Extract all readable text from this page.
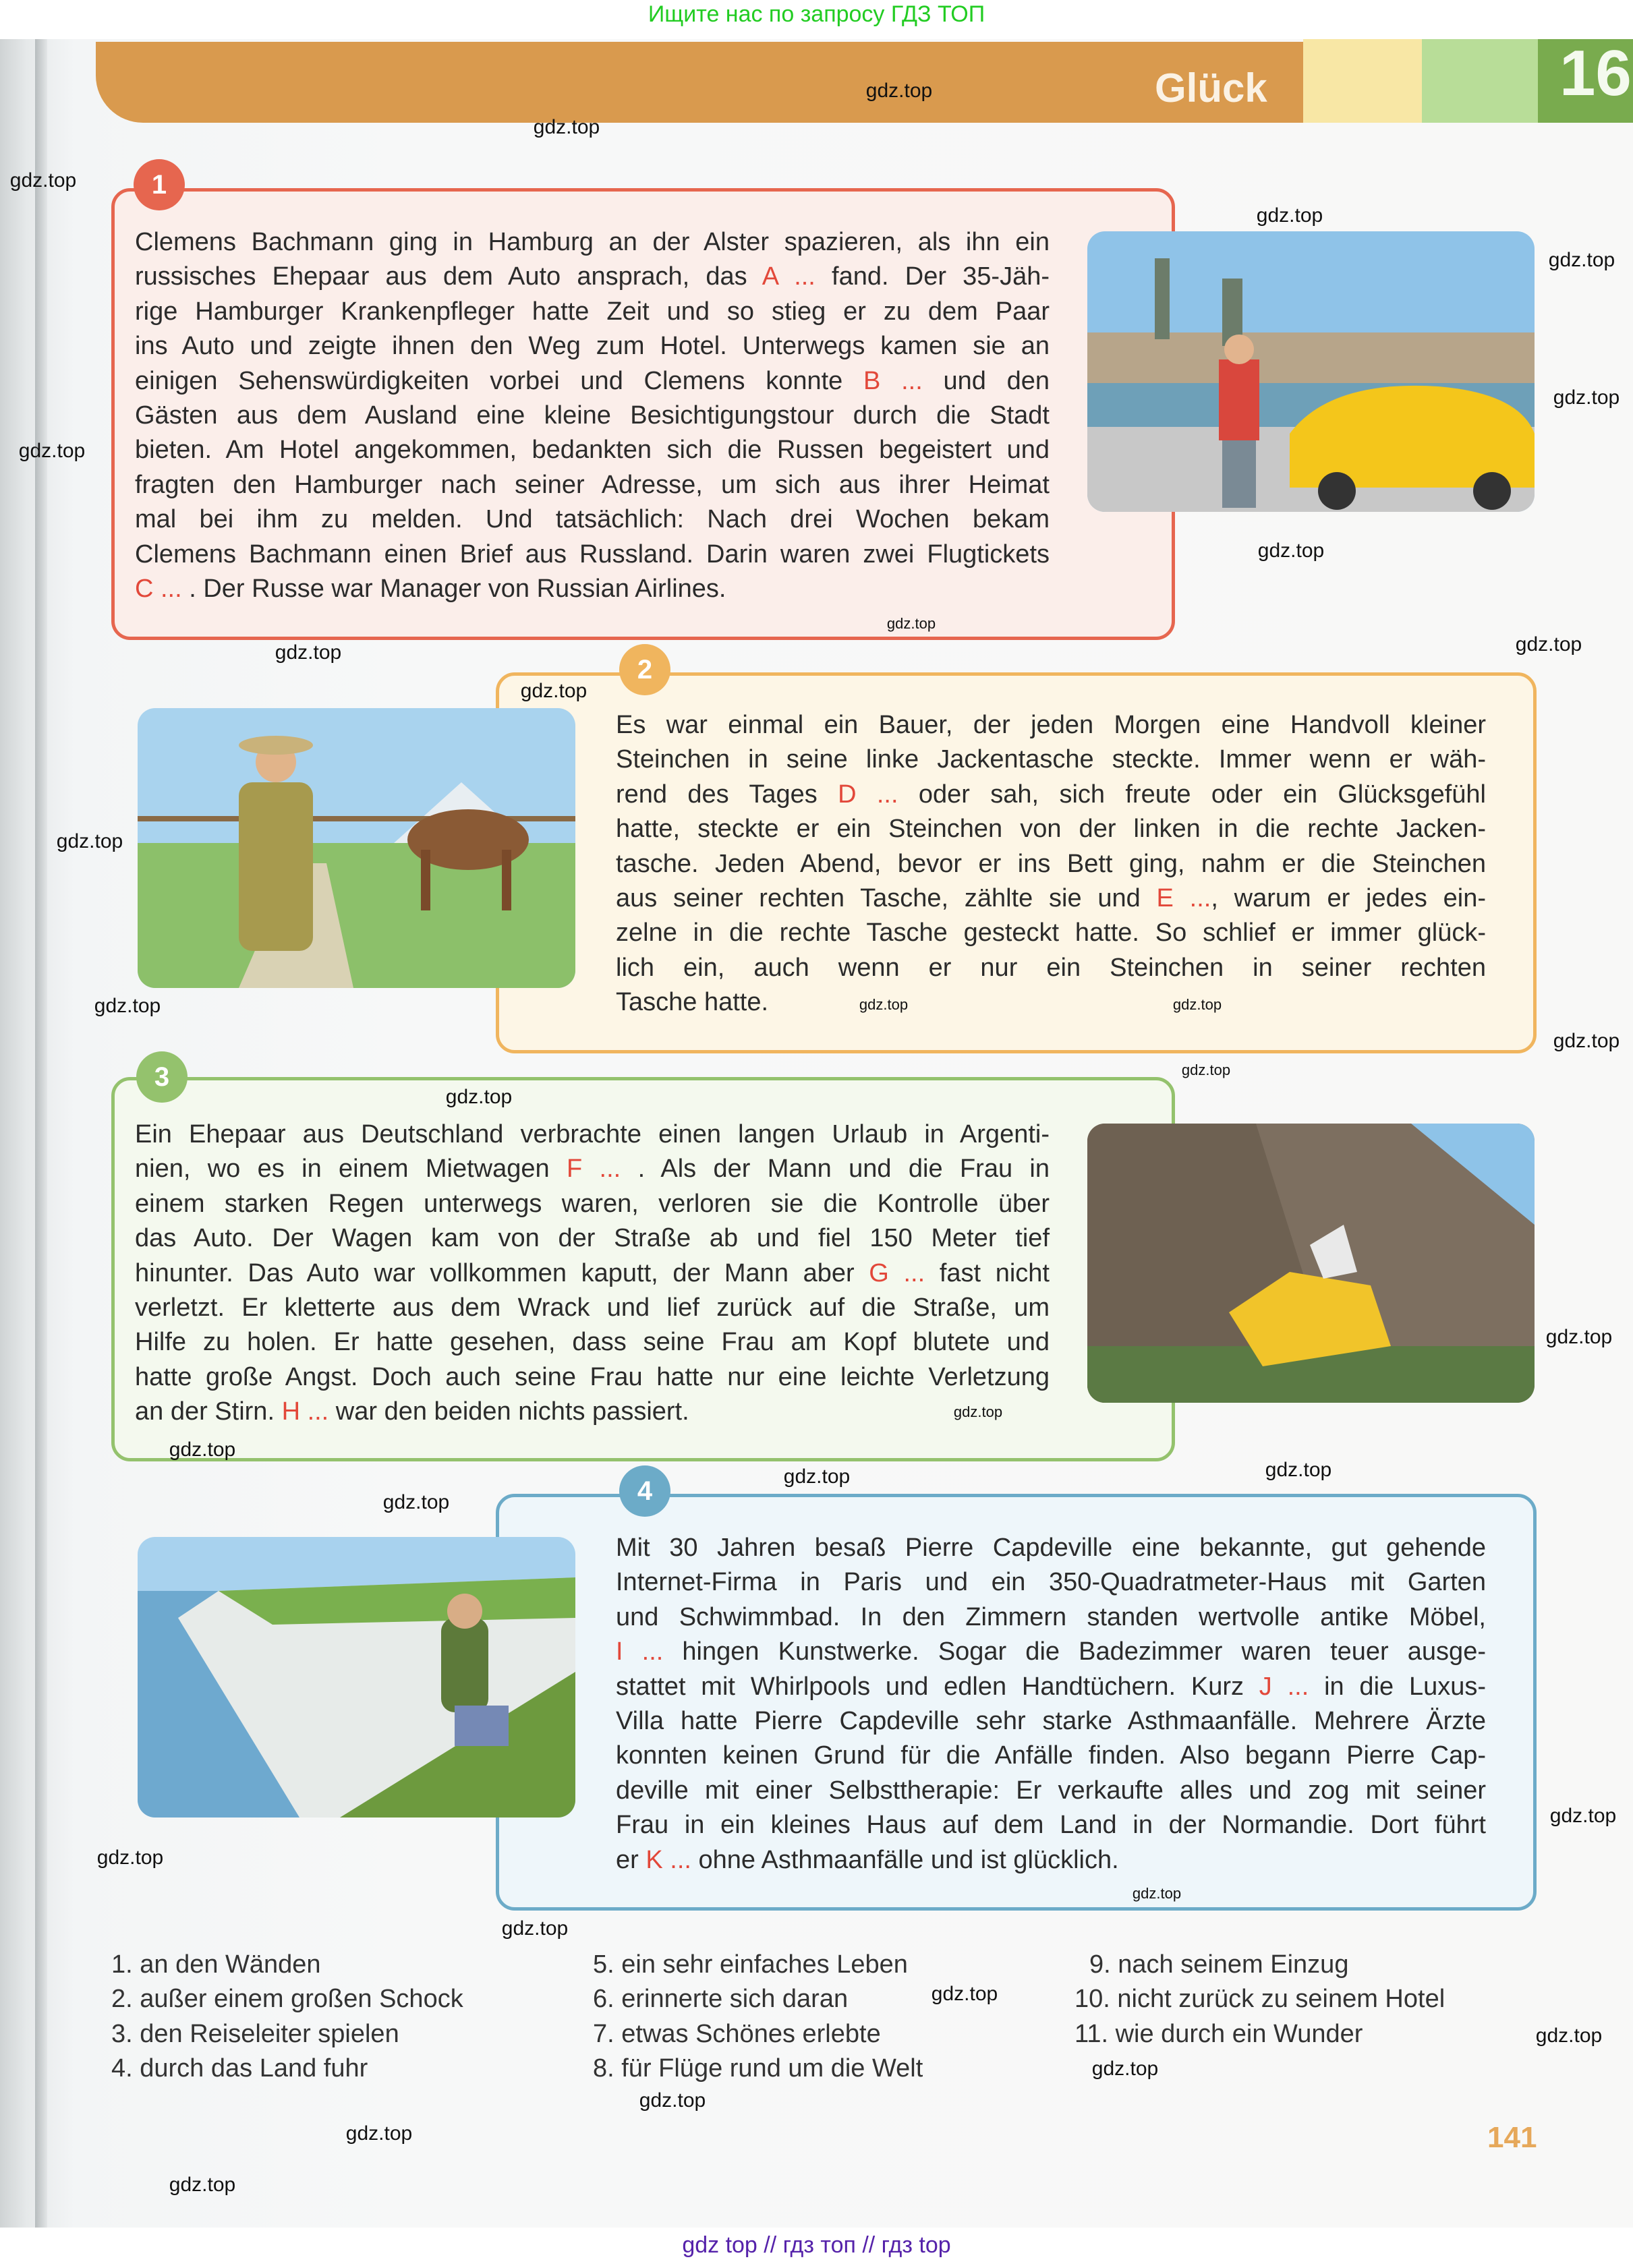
Ищите нас по запросу ГДЗ ТОП
Glück	16
1
Clemens Bachmann ging in Hamburg an der Alster spazieren, als ihn ein
russisches Ehepaar aus dem Auto ansprach, das A ... fand. Der 35-Jäh-
rige Hamburger Krankenpfleger hatte Zeit und so stieg er zu dem Paar
ins Auto und zeigte ihnen den Weg zum Hotel. Unterwegs kamen sie an
einigen Sehenswürdigkeiten vorbei und Clemens konnte B ... und den
Gästen aus dem Ausland eine kleine Besichtigungstour durch die Stadt
bieten. Am Hotel angekommen, bedankten sich die Russen begeistert und
fragten den Hamburger nach seiner Adresse, um sich aus ihrer Heimat
mal bei ihm zu melden. Und tatsächlich: Nach drei Wochen bekam
Clemens Bachmann einen Brief aus Russland. Darin waren zwei Flugtickets
C ... . Der Russe war Manager von Russian Airlines.
2
Es war einmal ein Bauer, der jeden Morgen eine Handvoll kleiner
Steinchen in seine linke Jackentasche steckte. Immer wenn er wäh-
rend des Tages D ... oder sah, sich freute oder ein Glücksgefühl
hatte, steckte er ein Steinchen von der linken in die rechte Jacken-
tasche. Jeden Abend, bevor er ins Bett ging, nahm er die Steinchen
aus seiner rechten Tasche, zählte sie und E ..., warum er jedes ein-
zelne in die rechte Tasche gesteckt hatte. So schlief er immer glück-
lich ein, auch wenn er nur ein Steinchen in seiner rechten
Tasche hatte.
3
Ein Ehepaar aus Deutschland verbrachte einen langen Urlaub in Argenti-
nien, wo es in einem Mietwagen F ... . Als der Mann und die Frau in
einem starken Regen unterwegs waren, verloren sie die Kontrolle über
das Auto. Der Wagen kam von der Straße ab und fiel 150 Meter tief
hinunter. Das Auto war vollkommen kaputt, der Mann aber G ... fast nicht
verletzt. Er kletterte aus dem Wrack und lief zurück auf die Straße, um
Hilfe zu holen. Er hatte gesehen, dass seine Frau am Kopf blutete und
hatte große Angst. Doch auch seine Frau hatte nur eine leichte Verletzung
an der Stirn. H ... war den beiden nichts passiert.
4
Mit 30 Jahren besaß Pierre Capdeville eine bekannte, gut gehende
Internet-Firma in Paris und ein 350-Quadratmeter-Haus mit Garten
und Schwimmbad. In den Zimmern standen wertvolle antike Möbel,
I ... hingen Kunstwerke. Sogar die Badezimmer waren teuer ausge-
stattet mit Whirlpools und edlen Handtüchern. Kurz J ... in die Luxus-
Villa hatte Pierre Capdeville sehr starke Asthmaanfälle. Mehrere Ärzte
konnten keinen Grund für die Anfälle finden. Also begann Pierre Cap-
deville mit einer Selbsttherapie: Er verkaufte alles und zog mit seiner
Frau in ein kleines Haus auf dem Land in der Normandie. Dort führt
er K ... ohne Asthmaanfälle und ist glücklich.
1. an den Wänden
2. außer einem großen Schock
3. den Reiseleiter spielen
4. durch das Land fuhr
5. ein sehr einfaches Leben
6. erinnerte sich daran
7. etwas Schönes erlebte
8. für Flüge rund um die Welt
9. nach seinem Einzug
10. nicht zurück zu seinem Hotel
11. wie durch ein Wunder
141
gdz top // гдз топ // гдз top
gdz.top
gdz.top
gdz.top
gdz.top
gdz.top
gdz.top
gdz.top
gdz.top
gdz.top	gdz.top
gdz.top
gdz.top
gdz.top
gdz.top
gdz.top
gdz.top
gdz.top
gdz.top
gdz.top
gdz.top
gdz.top
gdz.top
gdz.top
gdz.top
gdz.top
gdz.top
gdz.top
gdz.top
gdz.top
gdz.top
gdz.top
gdz.top	gdz.top
gdz.top
gdz.top
